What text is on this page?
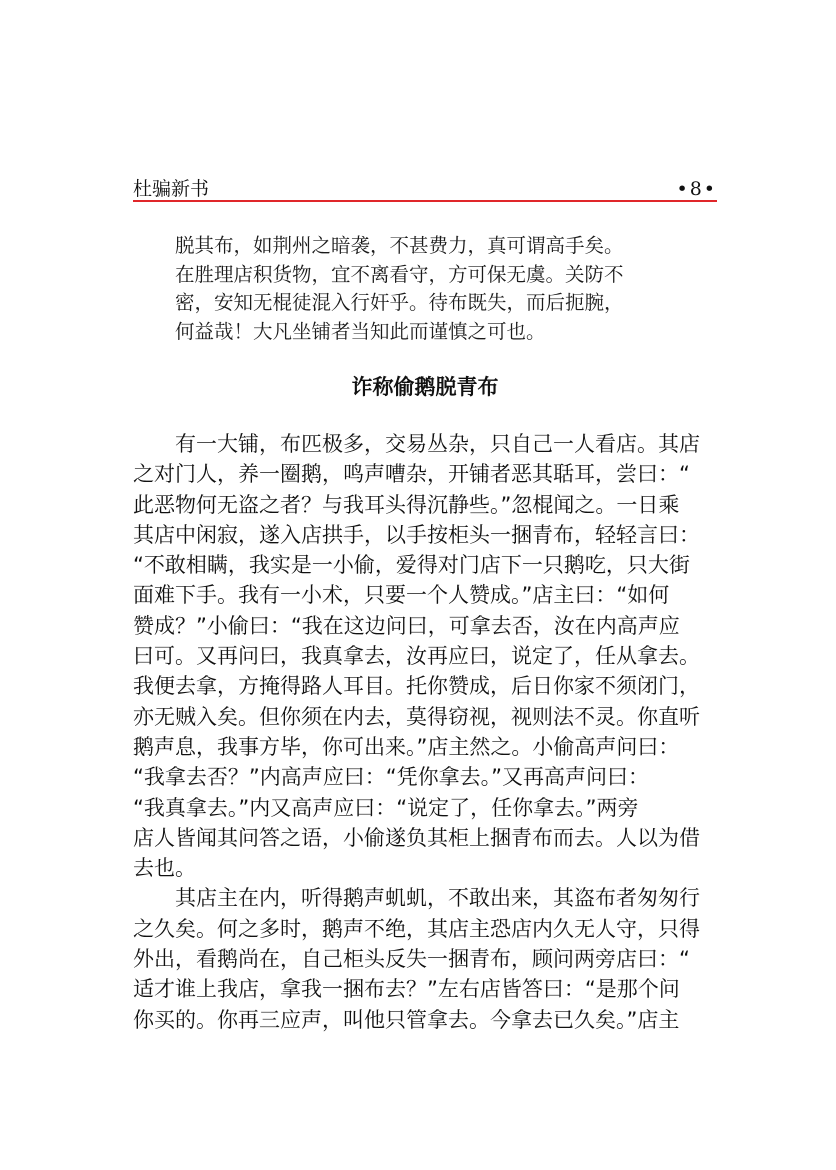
杜骗新书	•8•

脱其布，如荆州之暗袭，不甚费力，真可谓高手矣。

在胜理店积货物，宜不离看守，方可保无虞。关防不

密，安知无棍徒混入行奸乎。待布既失，而后扼腕，

何益哉！大凡坐铺者当知此而谨慎之可也。

诈称偷鹅脱青布

　　有一大铺，布匹极多，交易丛杂，只自己一人看店。其店

之对门人，养一圈鹅，鸣声嘈杂，开铺者恶其聒耳，尝曰：“

此恶物何无盗之者？与我耳头得沉静些。”忽棍闻之。一日乘

其店中闲寂，遂入店拱手，以手按柜头一捆青布，轻轻言曰：

“不敢相瞒，我实是一小偷，爱得对门店下一只鹅吃，只大街

面难下手。我有一小术，只要一个人赞成。”店主曰：“如何

赞成？”小偷曰：“我在这边问曰，可拿去否，汝在内高声应

曰可。又再问曰，我真拿去，汝再应曰，说定了，任从拿去。

我便去拿，方掩得路人耳目。托你赞成，后日你家不须闭门，

亦无贼入矣。但你须在内去，莫得窃视，视则法不灵。你直听

鹅声息，我事方毕，你可出来。”店主然之。小偷高声问曰：

“我拿去否？”内高声应曰：“凭你拿去。”又再高声问曰：

“我真拿去。”内又高声应曰：“说定了，任你拿去。”两旁

店人皆闻其问答之语，小偷遂负其柜上捆青布而去。人以为借

去也。

　　其店主在内，听得鹅声虮虮，不敢出来，其盗布者匆匆行

之久矣。何之多时，鹅声不绝，其店主恐店内久无人守，只得

外出，看鹅尚在，自己柜头反失一捆青布，顾问两旁店曰：“

适才谁上我店，拿我一捆布去？”左右店皆答曰：“是那个问

你买的。你再三应声，叫他只管拿去。今拿去已久矣。”店主
